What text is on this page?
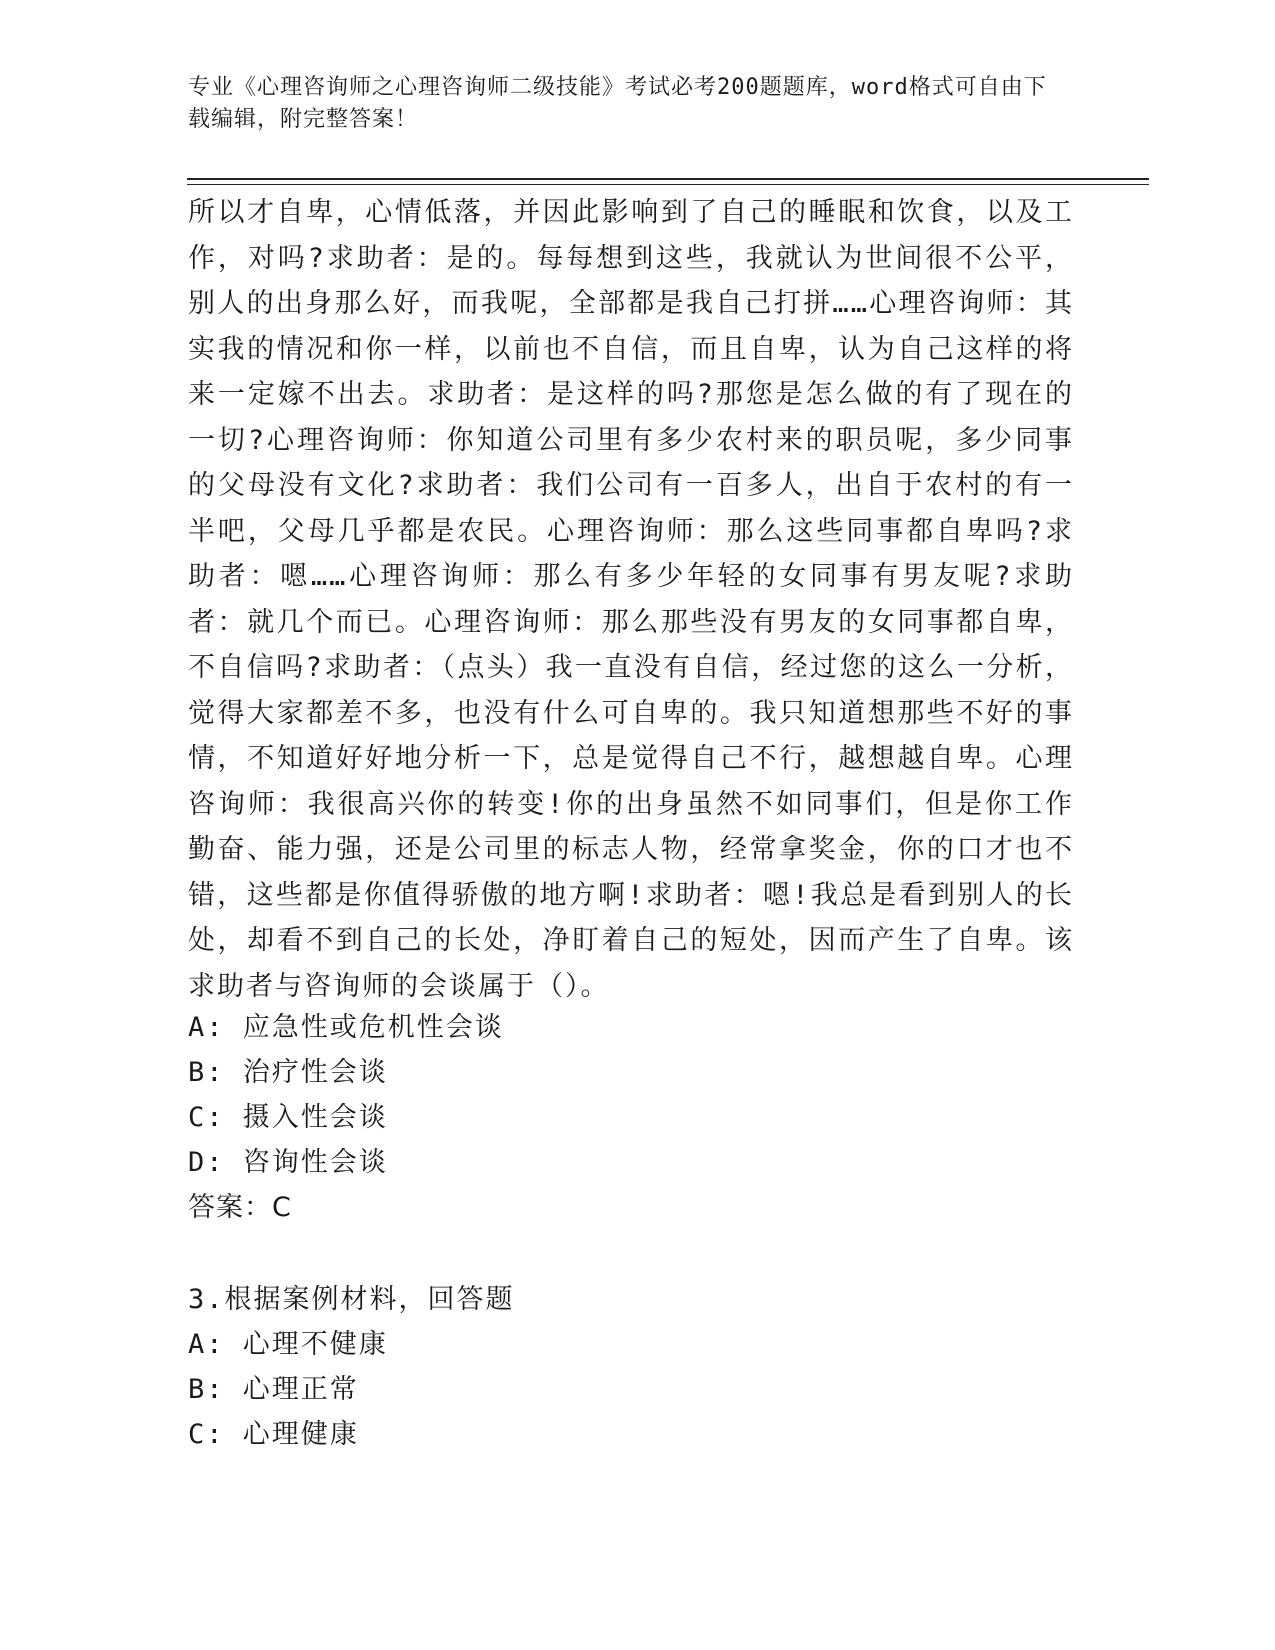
专业《心理咨询师之心理咨询师二级技能》考试必考200题题库，word格式可自由下载编辑，附完整答案！
所以才自卑，心情低落，并因此影响到了自己的睡眠和饮食，以及工作，对吗?求助者：是的。每每想到这些，我就认为世间很不公平，别人的出身那么好，而我呢，全部都是我自己打拼……心理咨询师：其实我的情况和你一样，以前也不自信，而且自卑，认为自己这样的将来一定嫁不出去。求助者：是这样的吗?那您是怎么做的有了现在的一切?心理咨询师：你知道公司里有多少农村来的职员呢，多少同事的父母没有文化?求助者：我们公司有一百多人，出自于农村的有一半吧，父母几乎都是农民。心理咨询师：那么这些同事都自卑吗?求助者：嗯……心理咨询师：那么有多少年轻的女同事有男友呢?求助者：就几个而已。心理咨询师：那么那些没有男友的女同事都自卑，不自信吗?求助者：（点头）我一直没有自信，经过您的这么一分析，觉得大家都差不多，也没有什么可自卑的。我只知道想那些不好的事情，不知道好好地分析一下，总是觉得自己不行，越想越自卑。心理咨询师：我很高兴你的转变!你的出身虽然不如同事们，但是你工作勤奋、能力强，还是公司里的标志人物，经常拿奖金，你的口才也不错，这些都是你值得骄傲的地方啊!求助者：嗯!我总是看到别人的长处，却看不到自己的长处，净盯着自己的短处，因而产生了自卑。该求助者与咨询师的会谈属于（）。
A: 应急性或危机性会谈
B: 治疗性会谈
C: 摄入性会谈
D: 咨询性会谈
答案：C
3.根据案例材料，回答题
A: 心理不健康
B: 心理正常
C: 心理健康
